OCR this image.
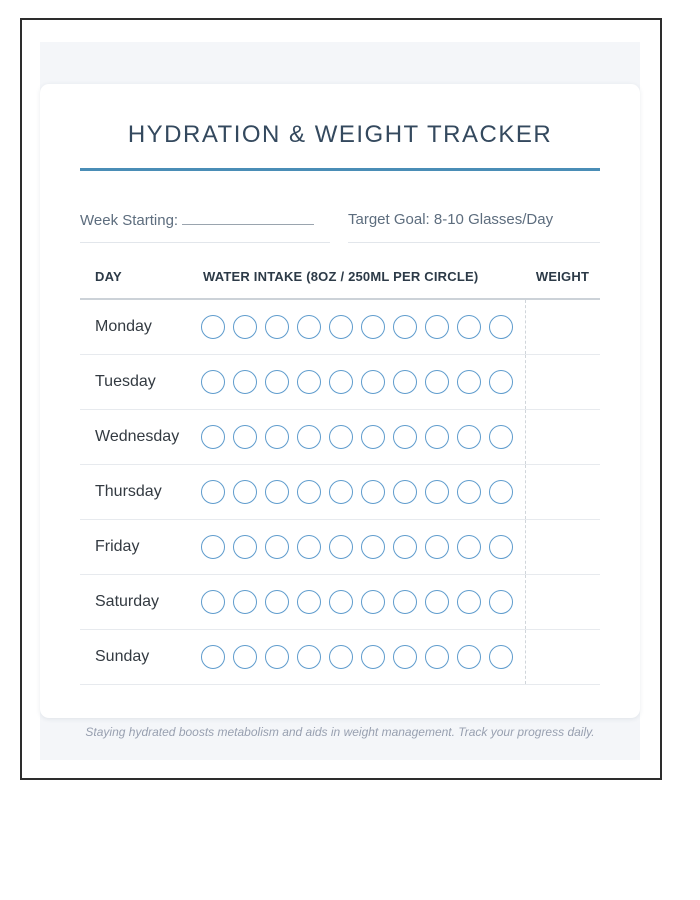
HYDRATION & WEIGHT TRACKER
Week Starting:	Target Goal: 8-10 Glasses/Day
DAY	WATER INTAKE (8OZ / 250ML PER CIRCLE)	WEIGHT
Monday
Tuesday
Wednesday
Thursday
Friday
Saturday
Sunday
Staying hydrated boosts metabolism and aids in weight management. Track your progress daily.
